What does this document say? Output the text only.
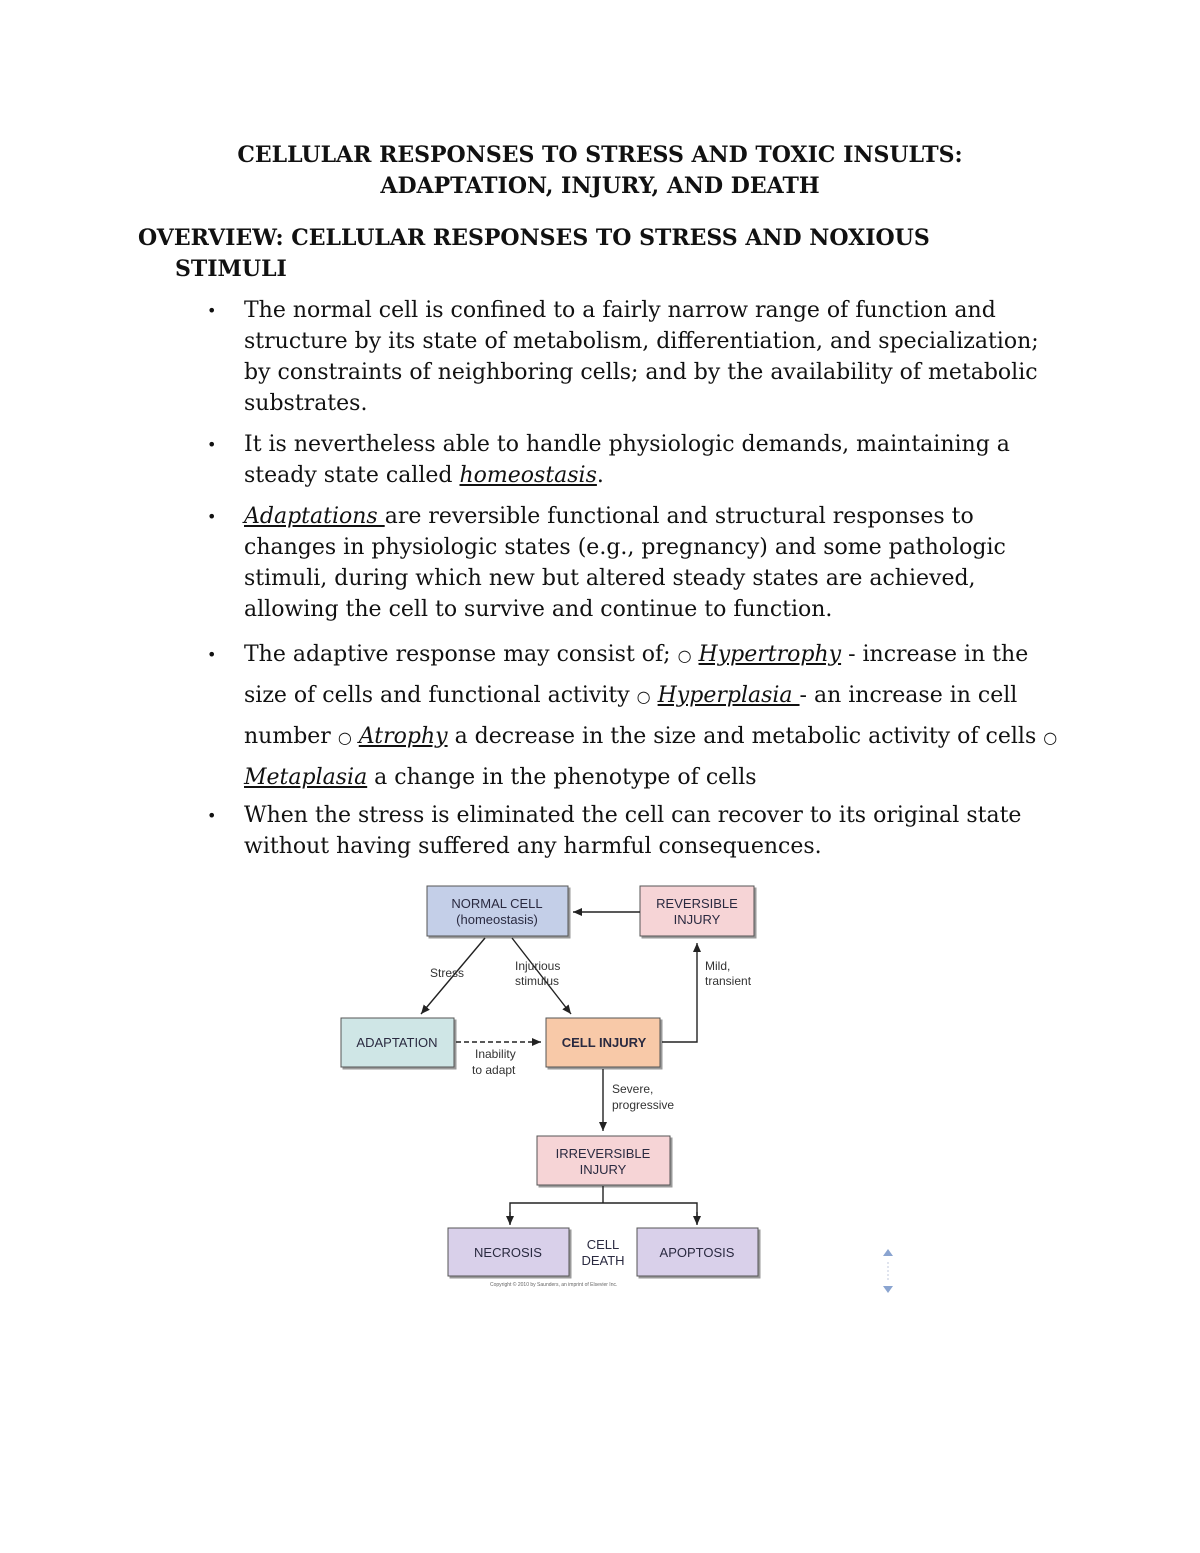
CELLULAR RESPONSES TO STRESS AND TOXIC INSULTS:
ADAPTATION, INJURY, AND DEATH
OVERVIEW: CELLULAR RESPONSES TO STRESS AND NOXIOUS
STIMULI
• The normal cell is confined to a fairly narrow range of function and structure by its state of metabolism, differentiation, and specialization; by constraints of neighboring cells; and by the availability of metabolic substrates.
• It is nevertheless able to handle physiologic demands, maintaining a steady state called homeostasis.
• Adaptations are reversible functional and structural responses to changes in physiologic states (e.g., pregnancy) and some pathologic stimuli, during which new but altered steady states are achieved, allowing the cell to survive and continue to function.
• The adaptive response may consist of; ○ Hypertrophy - increase in the size of cells and functional activity ○ Hyperplasia - an increase in cell number ○ Atrophy a decrease in the size and metabolic activity of cells ○ Metaplasia a change in the phenotype of cells
• When the stress is eliminated the cell can recover to its original state without having suffered any harmful consequences.
NORMAL CELL
(homeostasis)
REVERSIBLE
INJURY
ADAPTATION	CELL INJURY
IRREVERSIBLE
INJURY
NECROSIS	APOPTOSIS
Stress	Injurious
stimulus
Mild,
transient
Inability
to adapt
Severe,
progressive
CELL
DEATH
Copyright © 2010 by Saunders, an imprint of Elsevier Inc.
